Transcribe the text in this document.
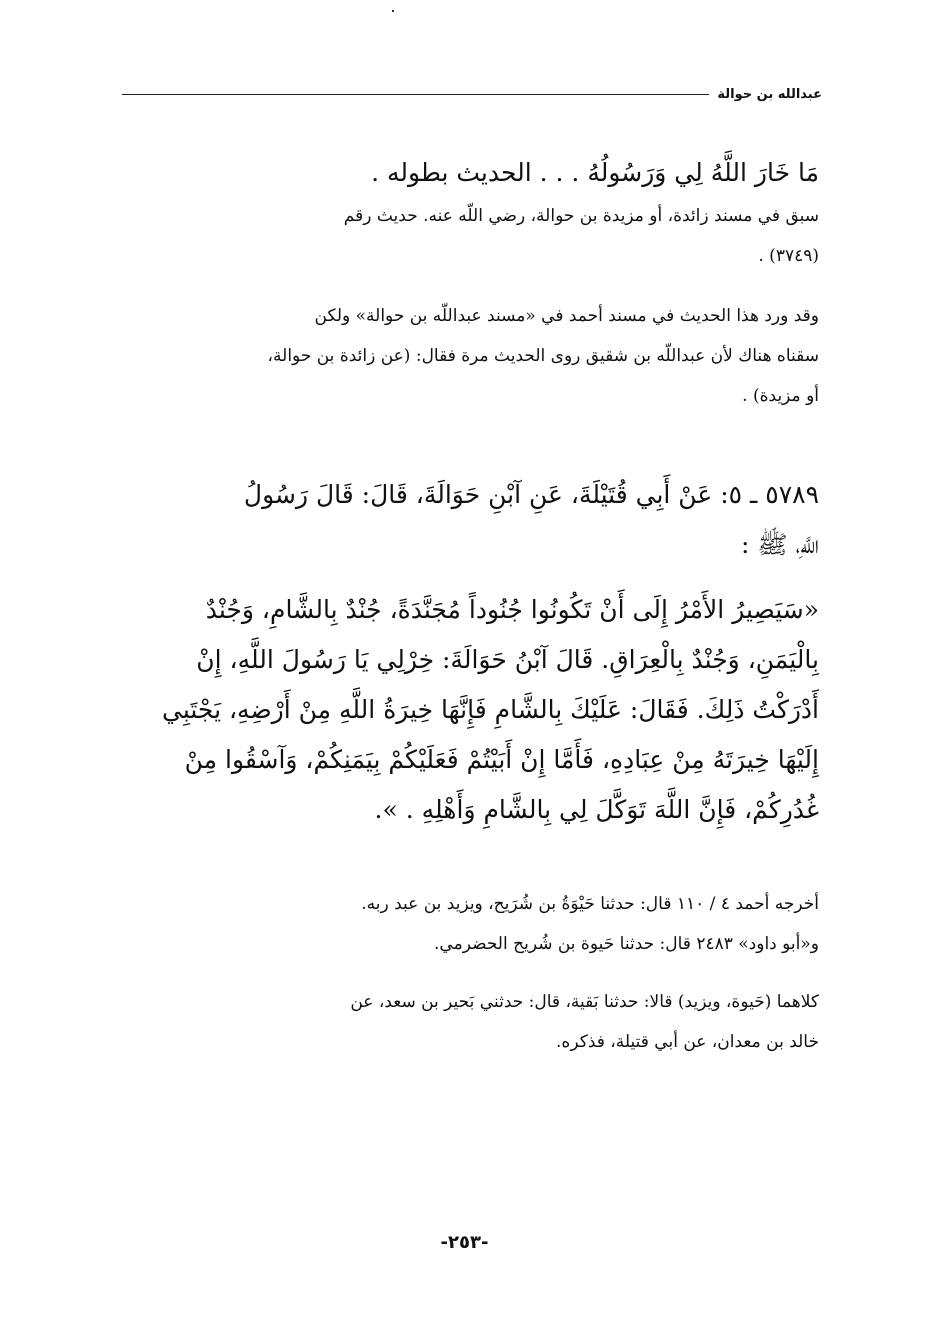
عبدالله بن حوالة
مَا خَارَ اللَّهُ لِي وَرَسُولُهُ . . . الحديث بطوله .
سبق في مسند زائدة، أو مزيدة بن حوالة، رضي اللّه عنه. حديث رقم
(٣٧٤٩) .
وقد ورد هذا الحديث في مسند أحمد في «مسند عبداللّه بن حوالة» ولكن
سقناه هناك لأن عبداللّه بن شقيق روى الحديث مرة فقال: (عن زائدة بن حوالة،
أو مزيدة) .
٥٧٨٩ ـ ٥: عَنْ أَبِي قُتَيْلَةَ، عَنِ آبْنِ حَوَالَةَ، قَالَ: قَالَ رَسُولُ
اللَّهِ، ﷺ :
«سَيَصِيرُ الأَمْرُ إِلَى أَنْ تَكُونُوا جُنُوداً مُجَنَّدَةً، جُنْدٌ بِالشَّامِ، وَجُنْدٌ
بِالْيَمَنِ، وَجُنْدٌ بِالْعِرَاقِ. قَالَ آبْنُ حَوَالَةَ: خِرْلِي يَا رَسُولَ اللَّهِ، إِنْ
أَدْرَكْتُ ذَلِكَ. فَقَالَ: عَلَيْكَ بِالشَّامِ فَإِنَّهَا خِيرَةُ اللَّهِ مِنْ أَرْضِهِ، يَجْتَبِي
إِلَيْهَا خِيرَتَهُ مِنْ عِبَادِهِ، فَأَمَّا إِنْ أَبَيْتُمْ فَعَلَيْكُمْ بِيَمَنِكُمْ، وَآسْقُوا مِنْ
غُدُرِكُمْ، فَإِنَّ اللَّهَ تَوَكَّلَ لِي بِالشَّامِ وَأَهْلِهِ . ».
أخرجه أحمد ٤ / ١١٠ قال: حدثنا حَيْوَةُ بن شُرَيح، ويزيد بن عبد ربه.
و«أبو داود» ٢٤٨٣ قال: حدثنا حَيوة بن شُريح الحضرمي.
كلاهما (حَيوة، ويزيد) قالا: حدثنا بَقية، قال: حدثني بَحير بن سعد، عن
خالد بن معدان، عن أبي قتيلة، فذكره.
-٢٥٣-
